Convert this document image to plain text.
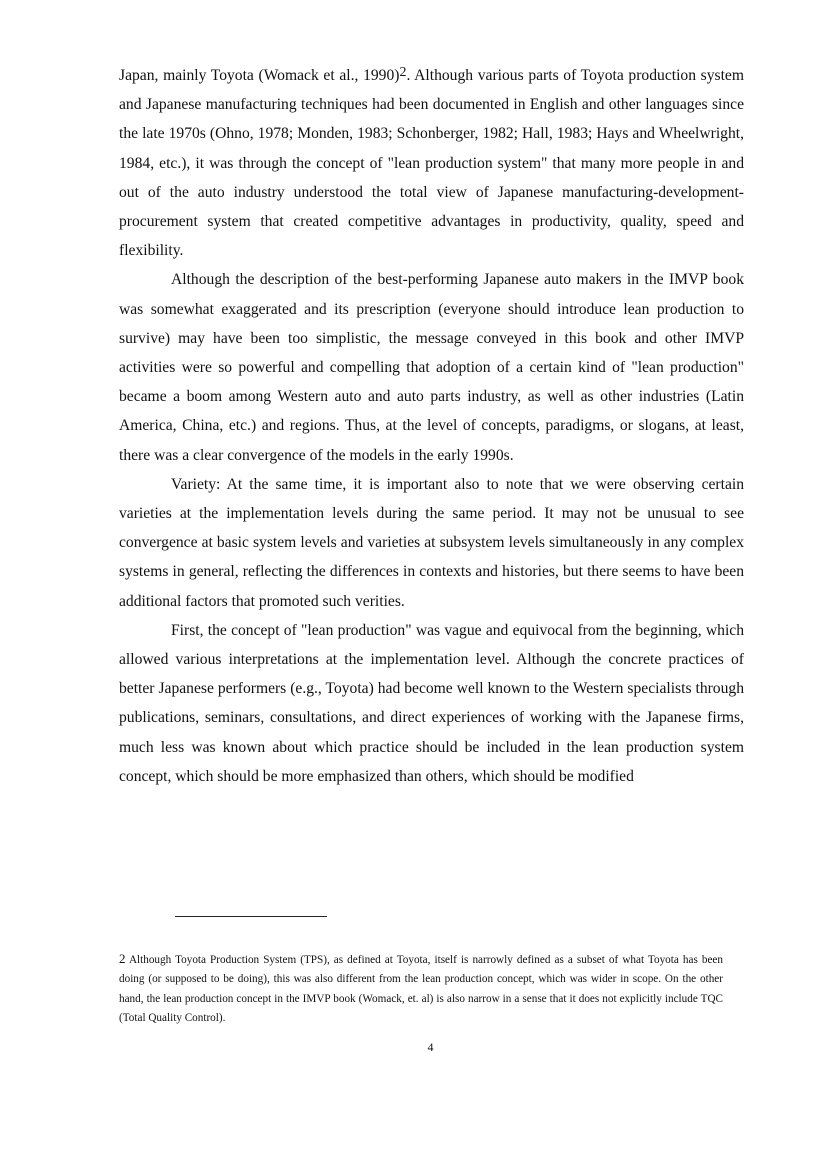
Japan, mainly Toyota (Womack et al., 1990)2. Although various parts of Toyota production system and Japanese manufacturing techniques had been documented in English and other languages since the late 1970s (Ohno, 1978; Monden, 1983; Schonberger, 1982; Hall, 1983; Hays and Wheelwright, 1984, etc.), it was through the concept of "lean production system" that many more people in and out of the auto industry understood the total view of Japanese manufacturing-development-procurement system that created competitive advantages in productivity, quality, speed and flexibility.

Although the description of the best-performing Japanese auto makers in the IMVP book was somewhat exaggerated and its prescription (everyone should introduce lean production to survive) may have been too simplistic, the message conveyed in this book and other IMVP activities were so powerful and compelling that adoption of a certain kind of "lean production" became a boom among Western auto and auto parts industry, as well as other industries (Latin America, China, etc.) and regions. Thus, at the level of concepts, paradigms, or slogans, at least, there was a clear convergence of the models in the early 1990s.

Variety: At the same time, it is important also to note that we were observing certain varieties at the implementation levels during the same period. It may not be unusual to see convergence at basic system levels and varieties at subsystem levels simultaneously in any complex systems in general, reflecting the differences in contexts and histories, but there seems to have been additional factors that promoted such verities.

First, the concept of "lean production" was vague and equivocal from the beginning, which allowed various interpretations at the implementation level. Although the concrete practices of better Japanese performers (e.g., Toyota) had become well known to the Western specialists through publications, seminars, consultations, and direct experiences of working with the Japanese firms, much less was known about which practice should be included in the lean production system concept, which should be more emphasized than others, which should be modified

2 Although Toyota Production System (TPS), as defined at Toyota, itself is narrowly defined as a subset of what Toyota has been doing (or supposed to be doing), this was also different from the lean production concept, which was wider in scope. On the other hand, the lean production concept in the IMVP book (Womack, et. al) is also narrow in a sense that it does not explicitly include TQC (Total Quality Control).
4
